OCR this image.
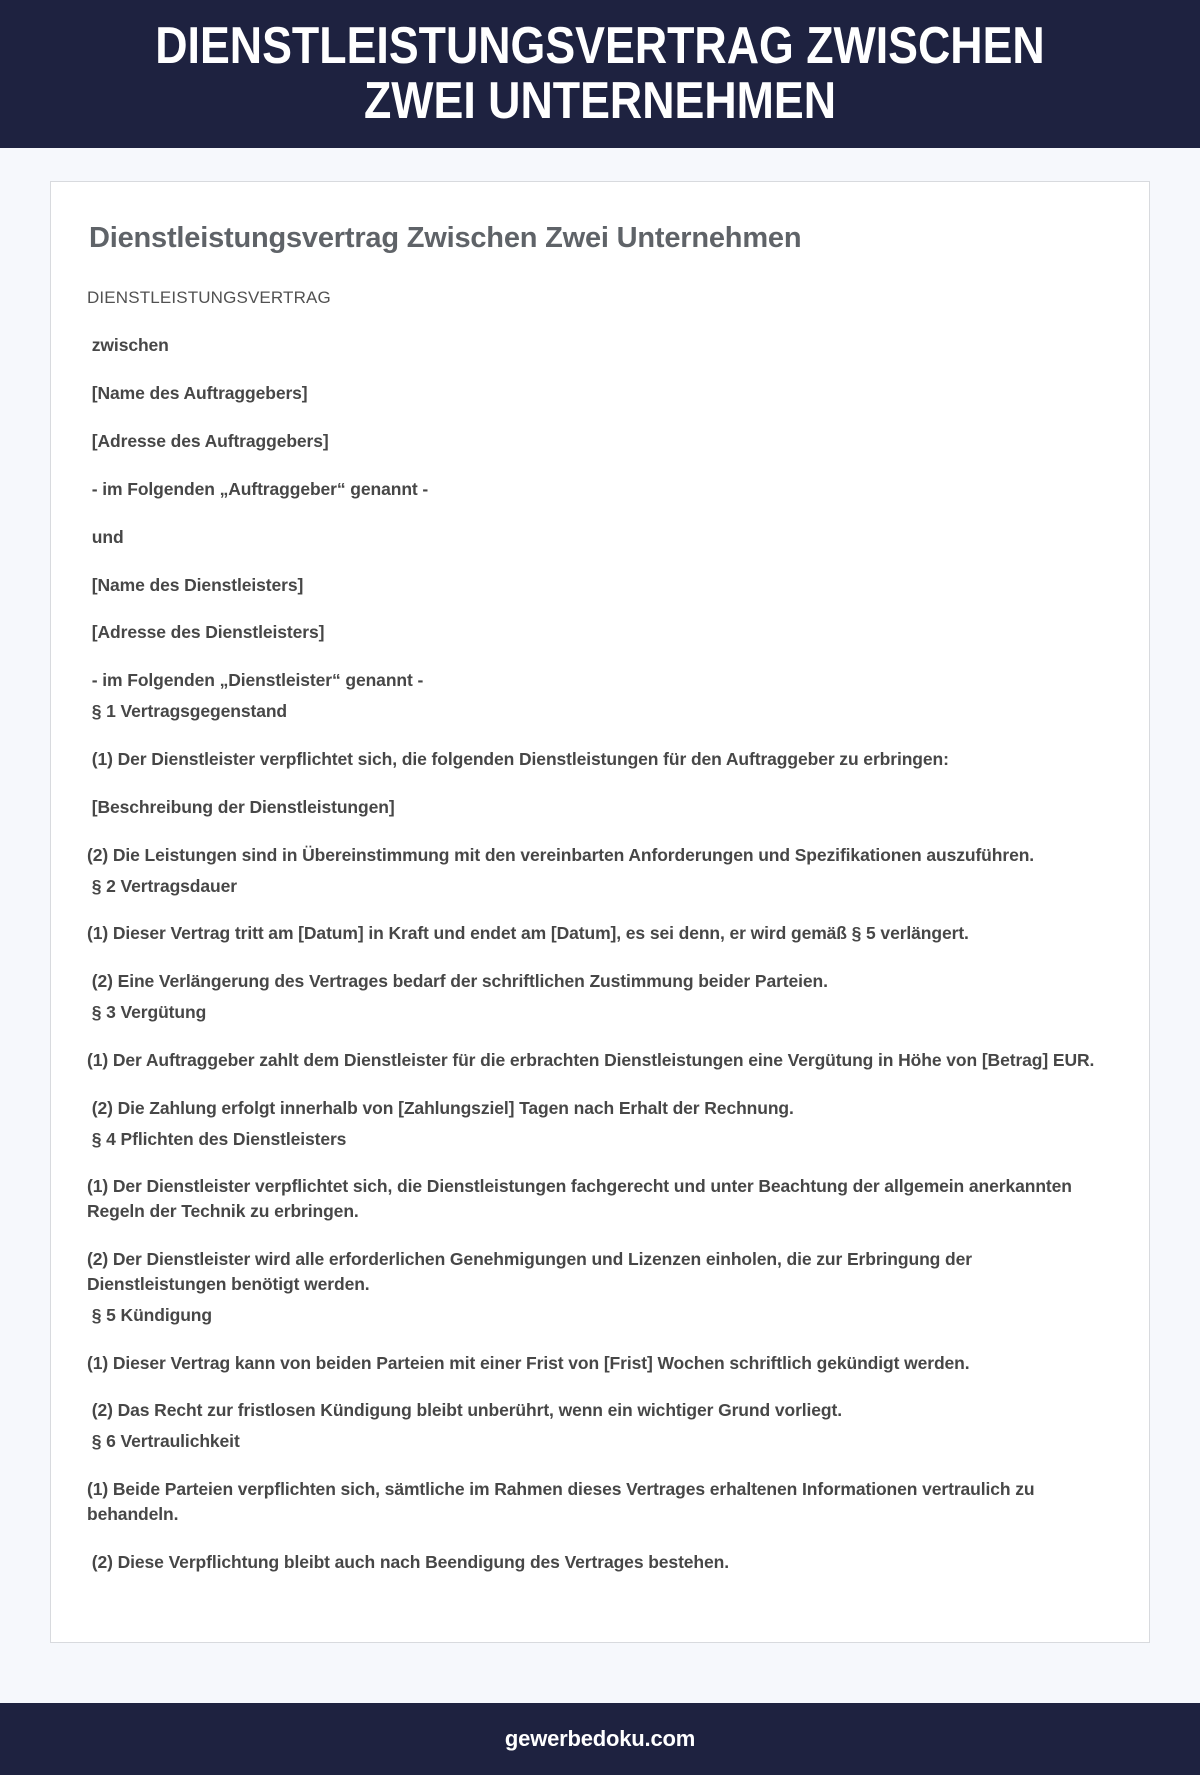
DIENSTLEISTUNGSVERTRAG ZWISCHEN ZWEI UNTERNEHMEN
Dienstleistungsvertrag Zwischen Zwei Unternehmen

DIENSTLEISTUNGSVERTRAG

zwischen

[Name des Auftraggebers]

[Adresse des Auftraggebers]

- im Folgenden „Auftraggeber“ genannt -

und

[Name des Dienstleisters]

[Adresse des Dienstleisters]

- im Folgenden „Dienstleister“ genannt -

§ 1 Vertragsgegenstand

(1) Der Dienstleister verpflichtet sich, die folgenden Dienstleistungen für den Auftraggeber zu erbringen:

[Beschreibung der Dienstleistungen]

(2) Die Leistungen sind in Übereinstimmung mit den vereinbarten Anforderungen und Spezifikationen auszuführen.

§ 2 Vertragsdauer

(1) Dieser Vertrag tritt am [Datum] in Kraft und endet am [Datum], es sei denn, er wird gemäß § 5 verlängert.

(2) Eine Verlängerung des Vertrages bedarf der schriftlichen Zustimmung beider Parteien.

§ 3 Vergütung

(1) Der Auftraggeber zahlt dem Dienstleister für die erbrachten Dienstleistungen eine Vergütung in Höhe von [Betrag] EUR.

(2) Die Zahlung erfolgt innerhalb von [Zahlungsziel] Tagen nach Erhalt der Rechnung.

§ 4 Pflichten des Dienstleisters

(1) Der Dienstleister verpflichtet sich, die Dienstleistungen fachgerecht und unter Beachtung der allgemein anerkannten Regeln der Technik zu erbringen.

(2) Der Dienstleister wird alle erforderlichen Genehmigungen und Lizenzen einholen, die zur Erbringung der Dienstleistungen benötigt werden.

§ 5 Kündigung

(1) Dieser Vertrag kann von beiden Parteien mit einer Frist von [Frist] Wochen schriftlich gekündigt werden.

(2) Das Recht zur fristlosen Kündigung bleibt unberührt, wenn ein wichtiger Grund vorliegt.

§ 6 Vertraulichkeit

(1) Beide Parteien verpflichten sich, sämtliche im Rahmen dieses Vertrages erhaltenen Informationen vertraulich zu behandeln.

(2) Diese Verpflichtung bleibt auch nach Beendigung des Vertrages bestehen.

gewerbedoku.com
